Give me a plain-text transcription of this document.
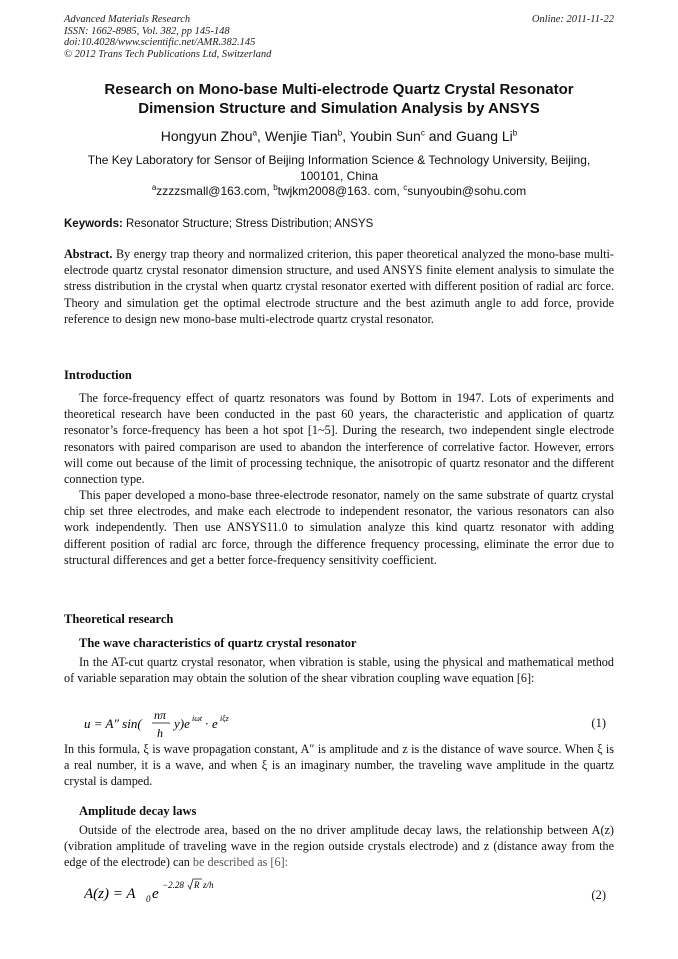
Advanced Materials Research
ISSN: 1662-8985, Vol. 382, pp 145-148
doi:10.4028/www.scientific.net/AMR.382.145
© 2012 Trans Tech Publications Ltd, Switzerland
Online: 2011-11-22
Research on Mono-base Multi-electrode Quartz Crystal Resonator
Dimension Structure and Simulation Analysis by ANSYS
Hongyun Zhou$^a$, Wenjie Tian$^b$, Youbin Sun$^c$ and Guang Li$^b$
The Key Laboratory for Sensor of Beijing Information Science & Technology University, Beijing,
100101, China
$^a$zzzzsmall@163.com, $^b$twjkm2008@163. com, $^c$sunyoubin@sohu.com
Keywords: Resonator Structure; Stress Distribution; ANSYS
Abstract. By energy trap theory and normalized criterion, this paper theoretical analyzed the mono-base multi-electrode quartz crystal resonator dimension structure, and used ANSYS finite element analysis to simulate the stress distribution in the crystal when quartz crystal resonator exerted with different position of radial arc force. Theory and simulation get the optimal electrode structure and the best azimuth angle to add force, provide reference to design new mono-base multi-electrode quartz crystal resonator.
Introduction
The force-frequency effect of quartz resonators was found by Bottom in 1947. Lots of experiments and theoretical research have been conducted in the past 60 years, the characteristic and application of quartz resonator’s force-frequency has been a hot spot [1~5]. During the research, two independent single electrode resonators with paired comparison are used to abandon the interference of correlative factor. However, errors will come out because of the limit of processing technique, the anisotropic of quartz resonator and the different connection type.
This paper developed a mono-base three-electrode resonator, namely on the same substrate of quartz crystal chip set three electrodes, and make each electrode to independent resonator, the various resonators can also work independently. Then use ANSYS11.0 to simulation analyze this kind quartz resonator with adding different position of radial arc force, through the difference frequency processing, eliminate the error due to structural differences and get a better force-frequency sensitivity coefficient.
Theoretical research
The wave characteristics of quartz crystal resonator
In the AT-cut quartz crystal resonator, when vibration is stable, using the physical and mathematical method of variable separation may obtain the solution of the shear vibration coupling wave equation [6]:
u = A″ sin(
nπ
h
y)e iωt · e iξz	(1)
In this formula, ξ is wave propagation constant, A″ is amplitude and z is the distance of wave source. When ξ is a real number, it is a wave, and when ξ is an imaginary number, the traveling wave amplitude in the quartz crystal is damped.
Amplitude decay laws
Outside of the electrode area, based on the no driver amplitude decay laws, the relationship between A(z) (vibration amplitude of traveling wave in the region outside crystals electrode) and z (distance away from the edge of the electrode) can be described as [6]:
A(z) = A 0 e
−2.28 R z/h
(2)
